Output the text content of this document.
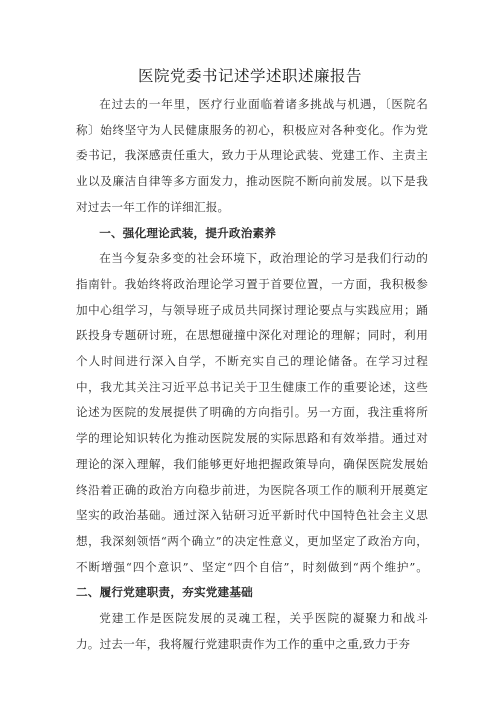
医院党委书记述学述职述廉报告

在过去的一年里，医疗行业面临着诸多挑战与机遇，〔医院名称〕始终坚守为人民健康服务的初心，积极应对各种变化。作为党委书记，我深感责任重大，致力于从理论武装、党建工作、主责主业以及廉洁自律等多方面发力，推动医院不断向前发展。以下是我对过去一年工作的详细汇报。

一、强化理论武装，提升政治素养

在当今复杂多变的社会环境下，政治理论的学习是我们行动的指南针。我始终将政治理论学习置于首要位置，一方面，我积极参加中心组学习，与领导班子成员共同探讨理论要点与实践应用；踊跃投身专题研讨班，在思想碰撞中深化对理论的理解；同时，利用个人时间进行深入自学，不断充实自己的理论储备。在学习过程中，我尤其关注习近平总书记关于卫生健康工作的重要论述，这些论述为医院的发展提供了明确的方向指引。另一方面，我注重将所学的理论知识转化为推动医院发展的实际思路和有效举措。通过对理论的深入理解，我们能够更好地把握政策导向，确保医院发展始终沿着正确的政治方向稳步前进，为医院各项工作的顺利开展奠定坚实的政治基础。通过深入钻研习近平新时代中国特色社会主义思想，我深刻领悟“两个确立”的决定性意义，更加坚定了政治方向，不断增强“四个意识”、坚定“四个自信”，时刻做到“两个维护”。二、履行党建职责，夯实党建基础

党建工作是医院发展的灵魂工程，关乎医院的凝聚力和战斗力。过去一年，我将履行党建职责作为工作的重中之重,致力于夯
